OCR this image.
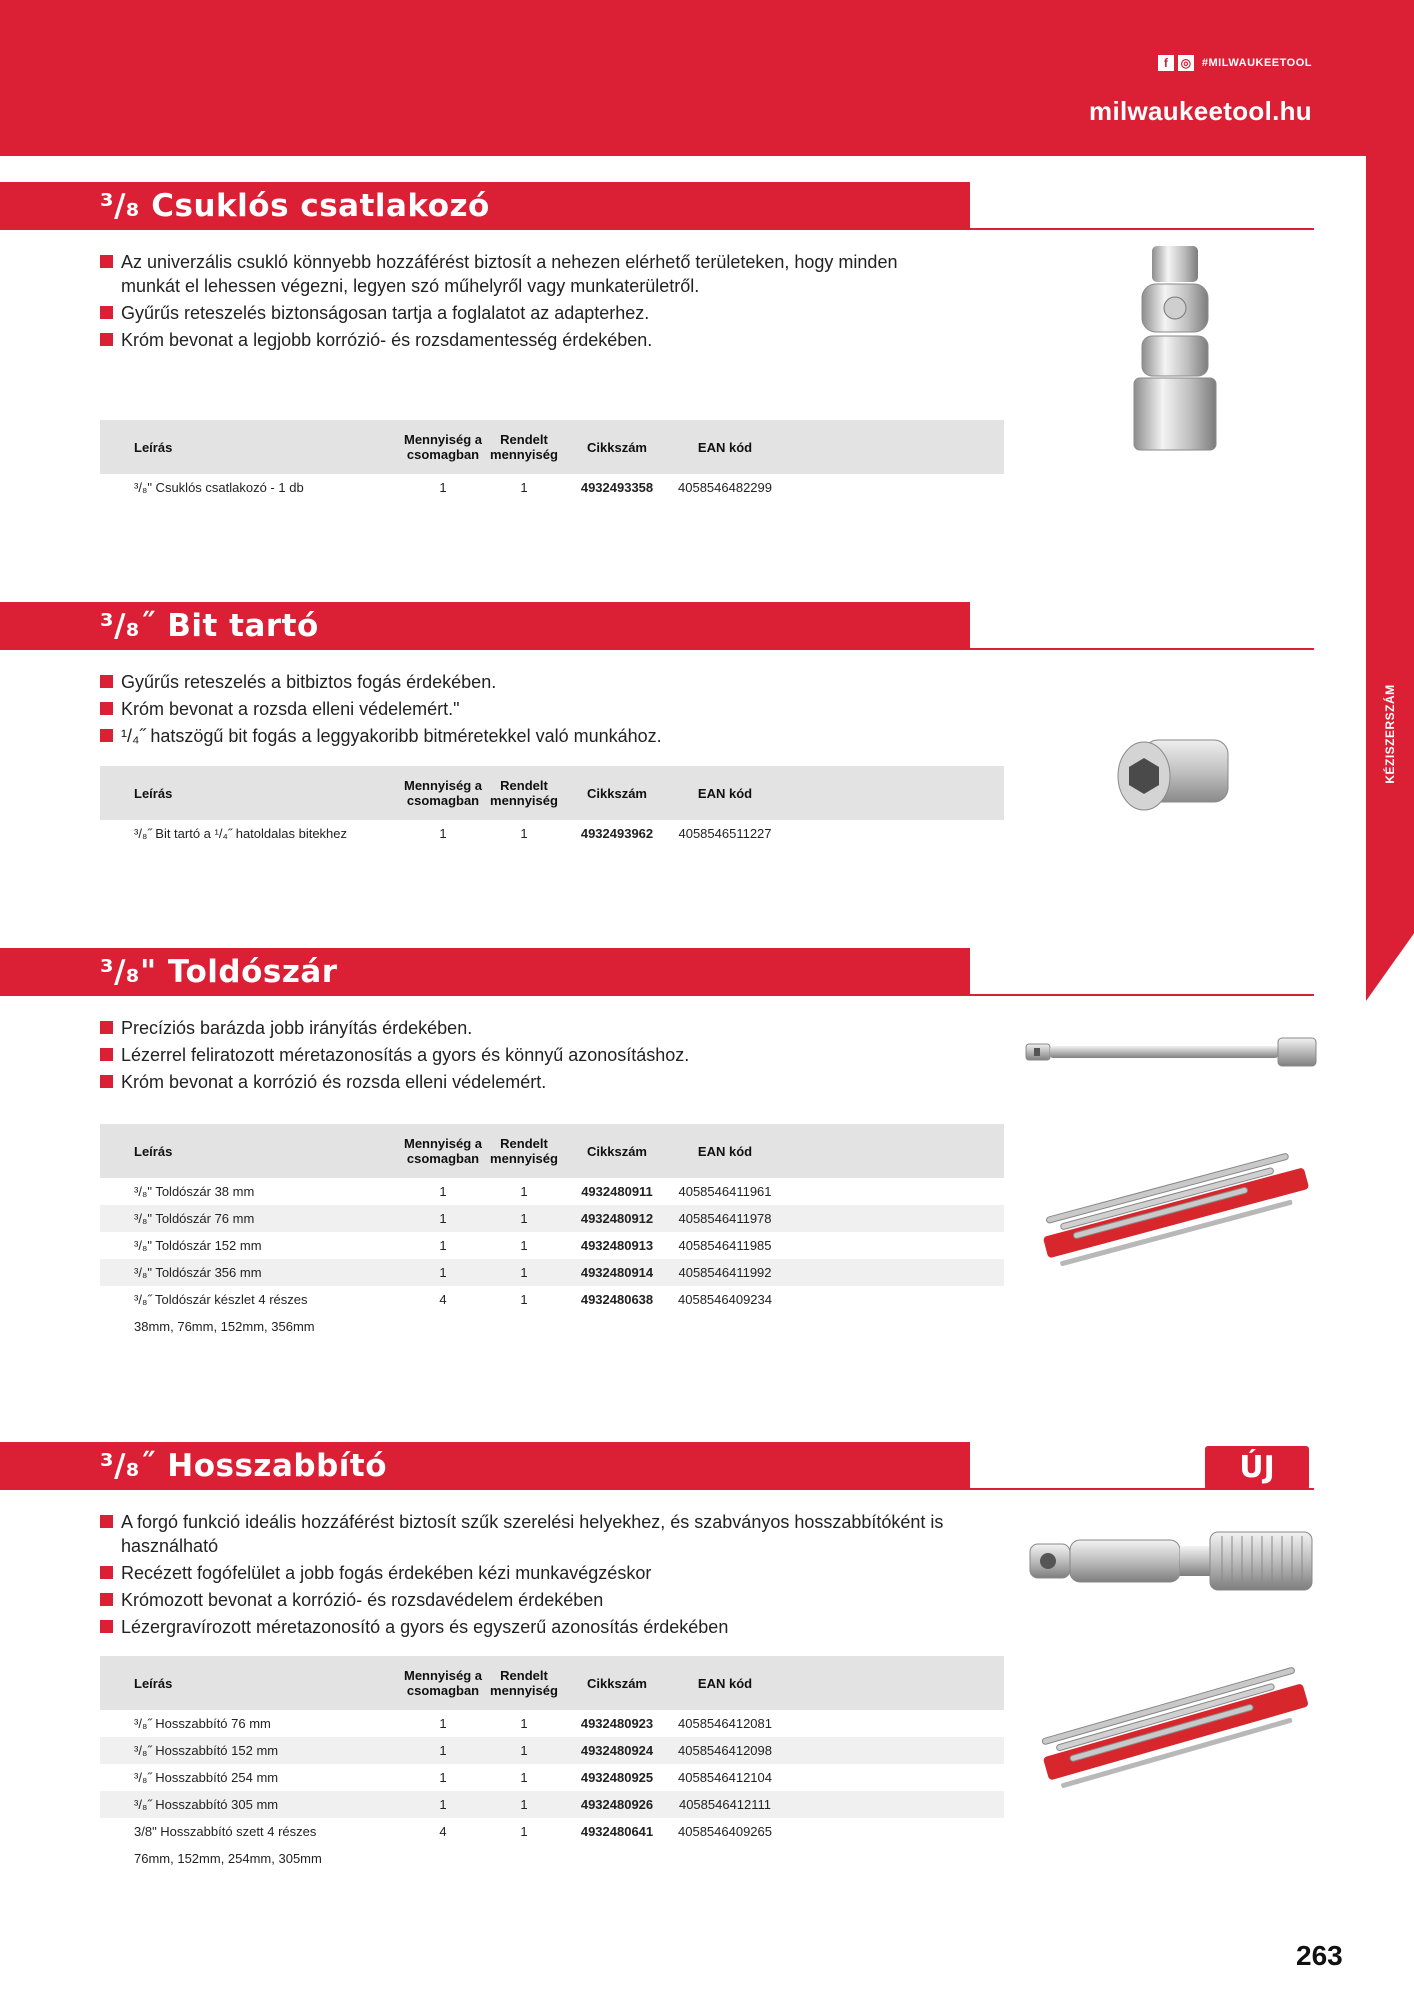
f	◎ #MILWAUKEETOOL
milwaukeetool.hu
KÉZISZERSZÁM
³/₈ Csuklós csatlakozó
Az univerzális csukló könnyebb hozzáférést biztosít a nehezen elérhető területeken, hogy minden munkát el lehessen végezni, legyen szó műhelyről vagy munkaterületről.
Gyűrűs reteszelés biztonságosan tartja a foglalatot az adapterhez.
Króm bevonat a legjobb korrózió- és rozsdamentesség érdekében.
Leírás	Mennyiség a csomagban	Rendelt mennyiség	Cikkszám	EAN kód	
³/₈" Csuklós csatlakozó - 1 db	1	1	4932493358	4058546482299	
³/₈˝ Bit tartó
Gyűrűs reteszelés a bitbiztos fogás érdekében.
Króm bevonat a rozsda elleni védelemért."
¹/₄˝ hatszögű bit fogás a leggyakoribb bitméretekkel való munkához.
Leírás	Mennyiség a csomagban	Rendelt mennyiség	Cikkszám	EAN kód	
³/₈˝ Bit tartó a ¹/₄˝ hatoldalas bitekhez	1	1	4932493962	4058546511227	
³/₈" Toldószár
Precíziós barázda jobb irányítás érdekében.
Lézerrel feliratozott méretazonosítás a gyors és könnyű azonosításhoz.
Króm bevonat a korrózió és rozsda elleni védelemért.
Leírás	Mennyiség a csomagban	Rendelt mennyiség	Cikkszám	EAN kód	
³/₈" Toldószár 38 mm	1	1	4932480911	4058546411961	
³/₈" Toldószár 76 mm	1	1	4932480912	4058546411978	
³/₈" Toldószár 152 mm	1	1	4932480913	4058546411985	
³/₈" Toldószár 356 mm	1	1	4932480914	4058546411992	
³/₈˝ Toldószár készlet 4 részes	4	1	4932480638	4058546409234	
38mm, 76mm, 152mm, 356mm					
³/₈˝ Hosszabbító	ÚJ
A forgó funkció ideális hozzáférést biztosít szűk szerelési helyekhez, és szabványos hosszabbítóként is használható
Recézett fogófelület a jobb fogás érdekében kézi munkavégzéskor
Krómozott bevonat a korrózió- és rozsdavédelem érdekében
Lézergravírozott méretazonosító a gyors és egyszerű azonosítás érdekében
Leírás	Mennyiség a csomagban	Rendelt mennyiség	Cikkszám	EAN kód	
³/₈˝ Hosszabbító 76 mm	1	1	4932480923	4058546412081	
³/₈˝ Hosszabbító 152 mm	1	1	4932480924	4058546412098	
³/₈˝ Hosszabbító 254 mm	1	1	4932480925	4058546412104	
³/₈˝ Hosszabbító 305 mm	1	1	4932480926	4058546412111	
3/8" Hosszabbító szett 4 részes	4	1	4932480641	4058546409265	
76mm, 152mm, 254mm, 305mm					
263
